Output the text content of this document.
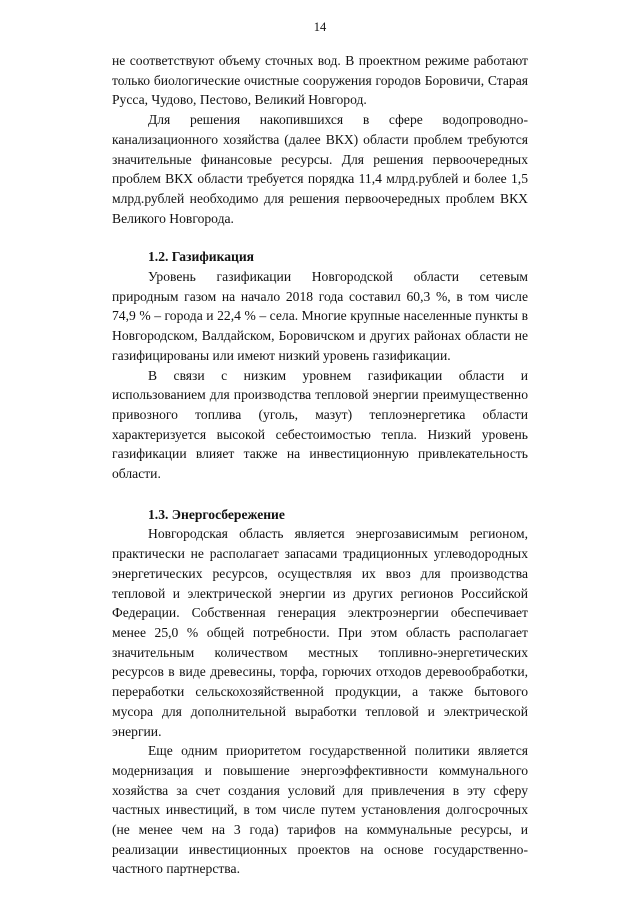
14

не соответствуют объему сточных вод. В проектном режиме работают только биологические очистные сооружения городов Боровичи, Старая Русса, Чудово, Пестово, Великий Новгород.

Для решения накопившихся в сфере водопроводно-канализационного хозяйства (далее ВКХ) области проблем требуются значительные финансовые ресурсы. Для решения первоочередных проблем ВКХ области требуется порядка 11,4 млрд.рублей и более 1,5 млрд.рублей необходимо для решения первоочередных проблем ВКХ Великого Новгорода.

1.2. Газификация

Уровень газификации Новгородской области сетевым природным газом на начало 2018 года составил 60,3 %, в том числе 74,9 % – города и 22,4 % – села. Многие крупные населенные пункты в Новгородском, Валдайском, Боровичском и других районах области не газифицированы или имеют низкий уровень газификации.

В связи с низким уровнем газификации области и использованием для производства тепловой энергии преимущественно привозного топлива (уголь, мазут) теплоэнергетика области характеризуется высокой себестоимостью тепла. Низкий уровень газификации влияет также на инвестиционную привлекательность области.

1.3. Энергосбережение

Новгородская область является энергозависимым регионом, практически не располагает запасами традиционных углеводородных энергетических ресурсов, осуществляя их ввоз для производства тепловой и электрической энергии из других регионов Российской Федерации. Собственная генерация электроэнергии обеспечивает менее 25,0 % общей потребности. При этом область располагает значительным количеством местных топливно-энергетических ресурсов в виде древесины, торфа, горючих отходов деревообработки, переработки сельскохозяйственной продукции, а также бытового мусора для дополнительной выработки тепловой и электрической энергии.

Еще одним приоритетом государственной политики является модернизация и повышение энергоэффективности коммунального хозяйства за счет создания условий для привлечения в эту сферу частных инвестиций, в том числе путем установления долгосрочных (не менее чем на 3 года) тарифов на коммунальные ресурсы, и реализации инвестиционных проектов на основе государственно-частного партнерства.
